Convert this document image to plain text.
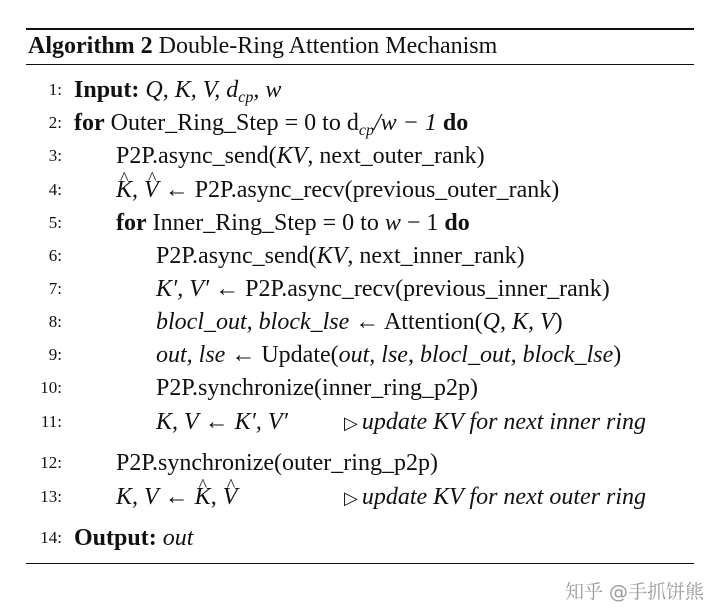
Algorithm 2 Double-Ring Attention Mechanism
1: Input: Q, K, V, $d_{cp}$, w
2: for Outer_Ring_Step = 0 to $d_{cp}/w - 1$ do
3: P2P.async_send(KV, next_outer_rank)
4:
^ K, ^ V ← P2P.async_recv(previous_outer_rank)
5: for Inner_Ring_Step = 0 to w − 1 do
6:	P2P.async_send(KV, next_inner_rank)
7:	K′, V′ ← P2P.async_recv(previous_inner_rank)
8:	blocl_out, block_lse ← Attention(Q, K, V)
9:	out, lse ← Update(out, lse, blocl_out, block_lse)
10:	P2P.synchronize(inner_ring_p2p)
11:	K, V ← K′, V′	▷ update KV for next inner ring
12: P2P.synchronize(outer_ring_p2p)
13: K, V ← ^ K, ^ V	▷ update KV for next outer ring
14: Output: out
知乎 @手抓饼熊
